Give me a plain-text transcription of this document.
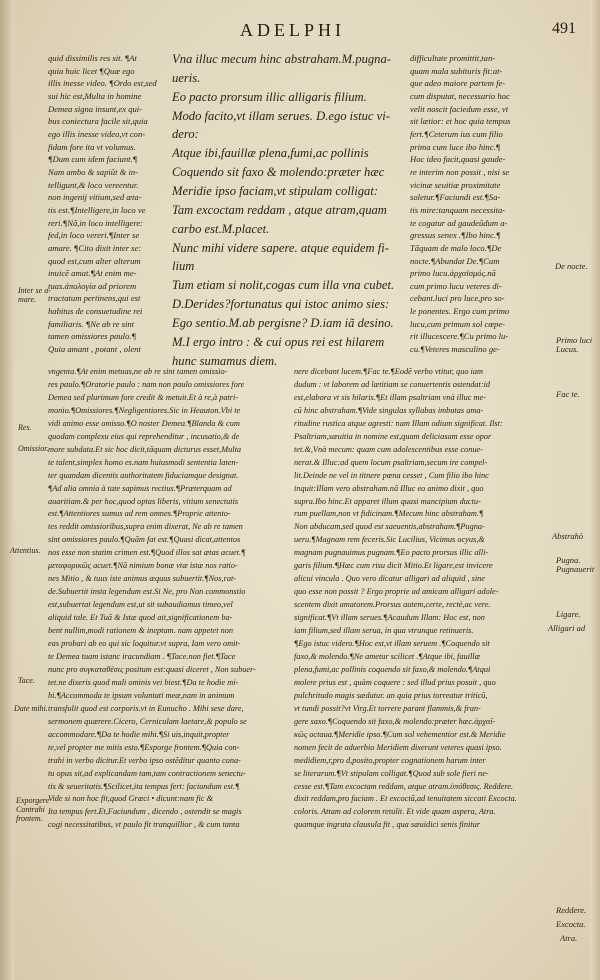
ADELPHI	491

quid dissimilis res sit. ¶At

quia huic licet ¶Quæ ego

illis inesse video. ¶Ordo est,sed

sui hic est,Multa in homine

Demea signa insunt,ex qui-

bus coniectura facile sit,quia

ego illis inesse video,vt con-

fidam fore ita vt volumus.

¶Dum cum idem faciunt.¶

Nam ambo & sapiũt & in-

telligunt,& loco vereentur.

non ingenij vitium,sed æta-

tis est.¶Intelligere,in loco ve

reri.¶Nã,in loco intelligere:

fed,in loco vereri.¶Inter se

amare. ¶Cito dixit inter se:

quod est,cum alter alterum

inuicẽ amat.¶At enim me-

tuas.ἀπολογία ad priorem

tractatum pertinens,qui est

habitus de consuetudine rei

familiaris. ¶Ne ab re sint

tamen omissiores paulo.¶

Quia amant , potant , olent

Vna illuc mecum hinc abstraham.M.pugna-

ueris.

Eo pacto prorsum illic alligaris filium.

Modo facito,vt illam serues. D.ego istuc vi-

dero:

Atque ibi,fauillæ plena,fumi,ac pollinis

Coquendo sit faxo & molendo:præter hæc

Meridie ipso faciam,vt stipulam colligat:

Tam excoctam reddam , atque atram,quam

carbo est.M.placet.

Nunc mihi videre sapere. atque equidem fi-

lium

Tum etiam si nolit,cogas cum illa vna cubet.

D.Derides?fortunatus qui istoc animo sies:

Ego sentio.M.ab pergisne? D.iam iã desino.

M.I ergo intro : & cui opus rei est hilarem

hunc sumamus diem.

difficultate promittit,tan-

quam mala subituris fit:at-

que adeo maiore partem fe-

cum disputat, necessario hoc

velit noscit faciedum esse, vt

sit lætior: et hoc quia tempus

fert.¶Ceterum ius cum filio

prima cum luce ibo hinc.¶

Hoc ideo facit,quasi gaude-

re interim non possit , nisi se

vicinæ seuitiæ proximitate

soletur.¶Faciundi est.¶Sa-

tis mire:tanquam necessita-

te cogatur ad gaudeũdum a-

gressus senex .¶Ibo hinc.¶

Tãquam de malo loco.¶De

nocte.¶Abundat De.¶Cum

primo lucu.ἀρχαϊσμός.nã

cum primo lucu veteres di-

cebant.luci pro luce,pro so-

le ponentes. Ergo cum primo

lucu,cum primum sol cœpe-

rit illucescere.¶Cu primo lu-

cu.¶Veteres masculino ge-

vngenta.¶At enim metuas,ne ab re sint tamen omissio-

res paulo.¶Oratorie paulo : nam non paulo omissiores fore

Demea sed plurimum fore credit & metuit.Et à re,à patri-

monio.¶Omissiores.¶Negligentiores.Sic in Heauton.Vbi te

vidi animo esse omisso.¶O noster Demea.¶Blanda & cum

quodam complexu eius qui reprehenditur , incusatio,& de

more subdata.Et sic hoc dicit,tãquam dicturus esset,Multa

te talent,simplex homo es.nam huiusmodi sententia laten-

ter quandam dicentis authoritatem fiduciamque designat.

¶Ad alia omnia à tate sapimus rectius.¶Præterquam ad

auaritiam.& per hoc,quod optas liberis, vitium senectutis

est.¶Attentiores sumus ad rem omnes.¶Proprie attento-

tes reddit omissioribus,supra enim dixerat, Ne ab re tamen

sint omissiores paulo.¶Quãm fat est.¶Quasi dicat,attentos

nos esse non statim crimen est.¶Quod illos sat ætas acuet.¶

μεταφορικῶς acuet.¶Nã nimium bonæ vtæ istæ nos ratio-

nes Mitio , & tuus iste animus æquus subuertit.¶Nos,rat-

de.Subuertit insta legendum est.Si Ne, pro Non commonstio

est,subuertat legendum est,ut sit subaudiamus timeo,vel

aliquid tale. Et Tuã & Istæ quod ait,significationem ba-

bent nullim,modi rationem & ineptam. nam appetet non

eas probari ab eo qui sic loquitur.vt supra, Iam vero omit-

te Demea tuam istanc iracundiam . ¶Tace.non fiet.¶Tace

nunc pro συγκαταθέσις positum est:quasi diceret , Non subuer-

tet.ne dixeris quod mali ominis vei biest.¶Da te hodie mi-

hi.¶Accommoda te ipsum voluntati meæ,nam in animum

transfulit quod est corporis.vt in Eunucho . Mihi sese dare,

sermonem quærere.Cicero, Cerniculam laetare,& populo se

accommodare.¶Da te hodie mihi.¶Si uis,inquit,propter

te,vel propter me mitis esto.¶Exporge frontem.¶Quia con-

trahi in verbo dicitur.Et verbo ipso ostẽditur quanto cona-

tu opus sit,ad explicandam tam,tam contractionem senectu-

tis & seueritatis.¶Scilicet,ita tempus fert: faciundum est.¶

Vide si non hoc fit,quod Græci • dicunt:nam fic &

Ita tempus fert.Et,Faciundum , dicendo , ostendit se magis

cogi necessitatibus, vt paulo fit tranquillior , & cum tanta

nere dicebant lucem.¶Fac te.¶Eodẽ verbo vtitur, quo iam

dudum : vt laborem ad lætitiam se conuertentis ostendat:id

est,elabora vt sis hilaris.¶Et illam psaltriam vnà illuc me-

cũ hinc abstraham.¶Vide singulas syllabas imbutas ama-

ritudine rustica atque agresti: nam Illam odium significat. Ilst:

Psaltriam,sæuitia in nomine est,quam deliciasam esse opor

tet.&,Vnà mecum: quam cum adolescentibus esse conue-

nerat.& Illuc:ad quem locum psaltriam,secum ire compel-

lit.Deinde ne vel in titnere pœna cesset , Cum filio ibo hinc

inquit:Illam vero abstraham.nã Illuc eo animo dixit , quo

supra.Ibo hinc.Et apparet illum quasi mancipium ductu-

rum puellam,non vt fidicinam.¶Mecum hinc abstraham.¶

Non abducam,sed quod est saeuentis,abstraham.¶Pugna-

ueru.¶Magnam rem feceris.Sic Lucilius, Vicimus ocyus,&

magnam pugnauimus pugnam.¶Eo pacto prorsus illic alli-

garis filium.¶Hæc cum risu dicit Mitio.Et ligare,est invicere

alicui vincula . Quo vero dicatur alligari ad aliquid , sine

quo esse non possit ? Ergo proprie ad amicam alligari adole-

scentem dixit amatorem.Prorsus autem,certe, rectè,ac vere.

significat.¶Vt illam serues.¶Acaudum Illam: Hoc est, non

iam filium,sed illam serua, in qua vtrunque retinueris.

¶Ego istuc videro.¶Hoc est,vt illam seruem .¶Coquendo sit

faxo,& molendo.¶Ne ametur scilicet .¶Atque ibi, fauillæ

plena,fumi,ac pollinis coquendo sit faxo,& molendo.¶Atqui

molere prius est , quàm coquere : sed illud prius posuit , quo

pulchritudo magis sædatur. an quia prius torreatur triticũ,

vt tundi possit?vt Virg.Et torrere parant flammis,& fran-

gere saxo.¶Coquendo sit faxo,& molendo:præter hæc.ἀρχαῖ-

κῶς octaua.¶Meridie ipso.¶Cum sol vehementior est.& Meridie

nomen fecit de aduerbio Meridiem dixerunt veteres quasi ipso.

medidiem,r,pro d,posito,propter cognationem harum inter

se literarum.¶Vt stipulam colligat.¶Quod sub sole fieri ne-

cesse est.¶Tam excoctam reddam, atque atram.ὑπόθεσις. Reddere.

dixit reddam,pro faciam . Et excoctã,ad tenuitatem siccati Excocta.

coloris. Attam ad colorem retulit. Et vide quam aspera, Atra.

quamque ingrata clausula fit , qua sæuidici senis finitur

Inter se a-
mare.
Res.
Omissior.
Attentius.
Tace.
Date mihi.
Exporgere
Contrahi
frontem.
De nocte.
Fac te.
Primo luci
Lucus.
Abstrahò
Pugna.
Pugnauerit
Ligare.
Alligari ad
Reddere.
Excocta.
Atra.
